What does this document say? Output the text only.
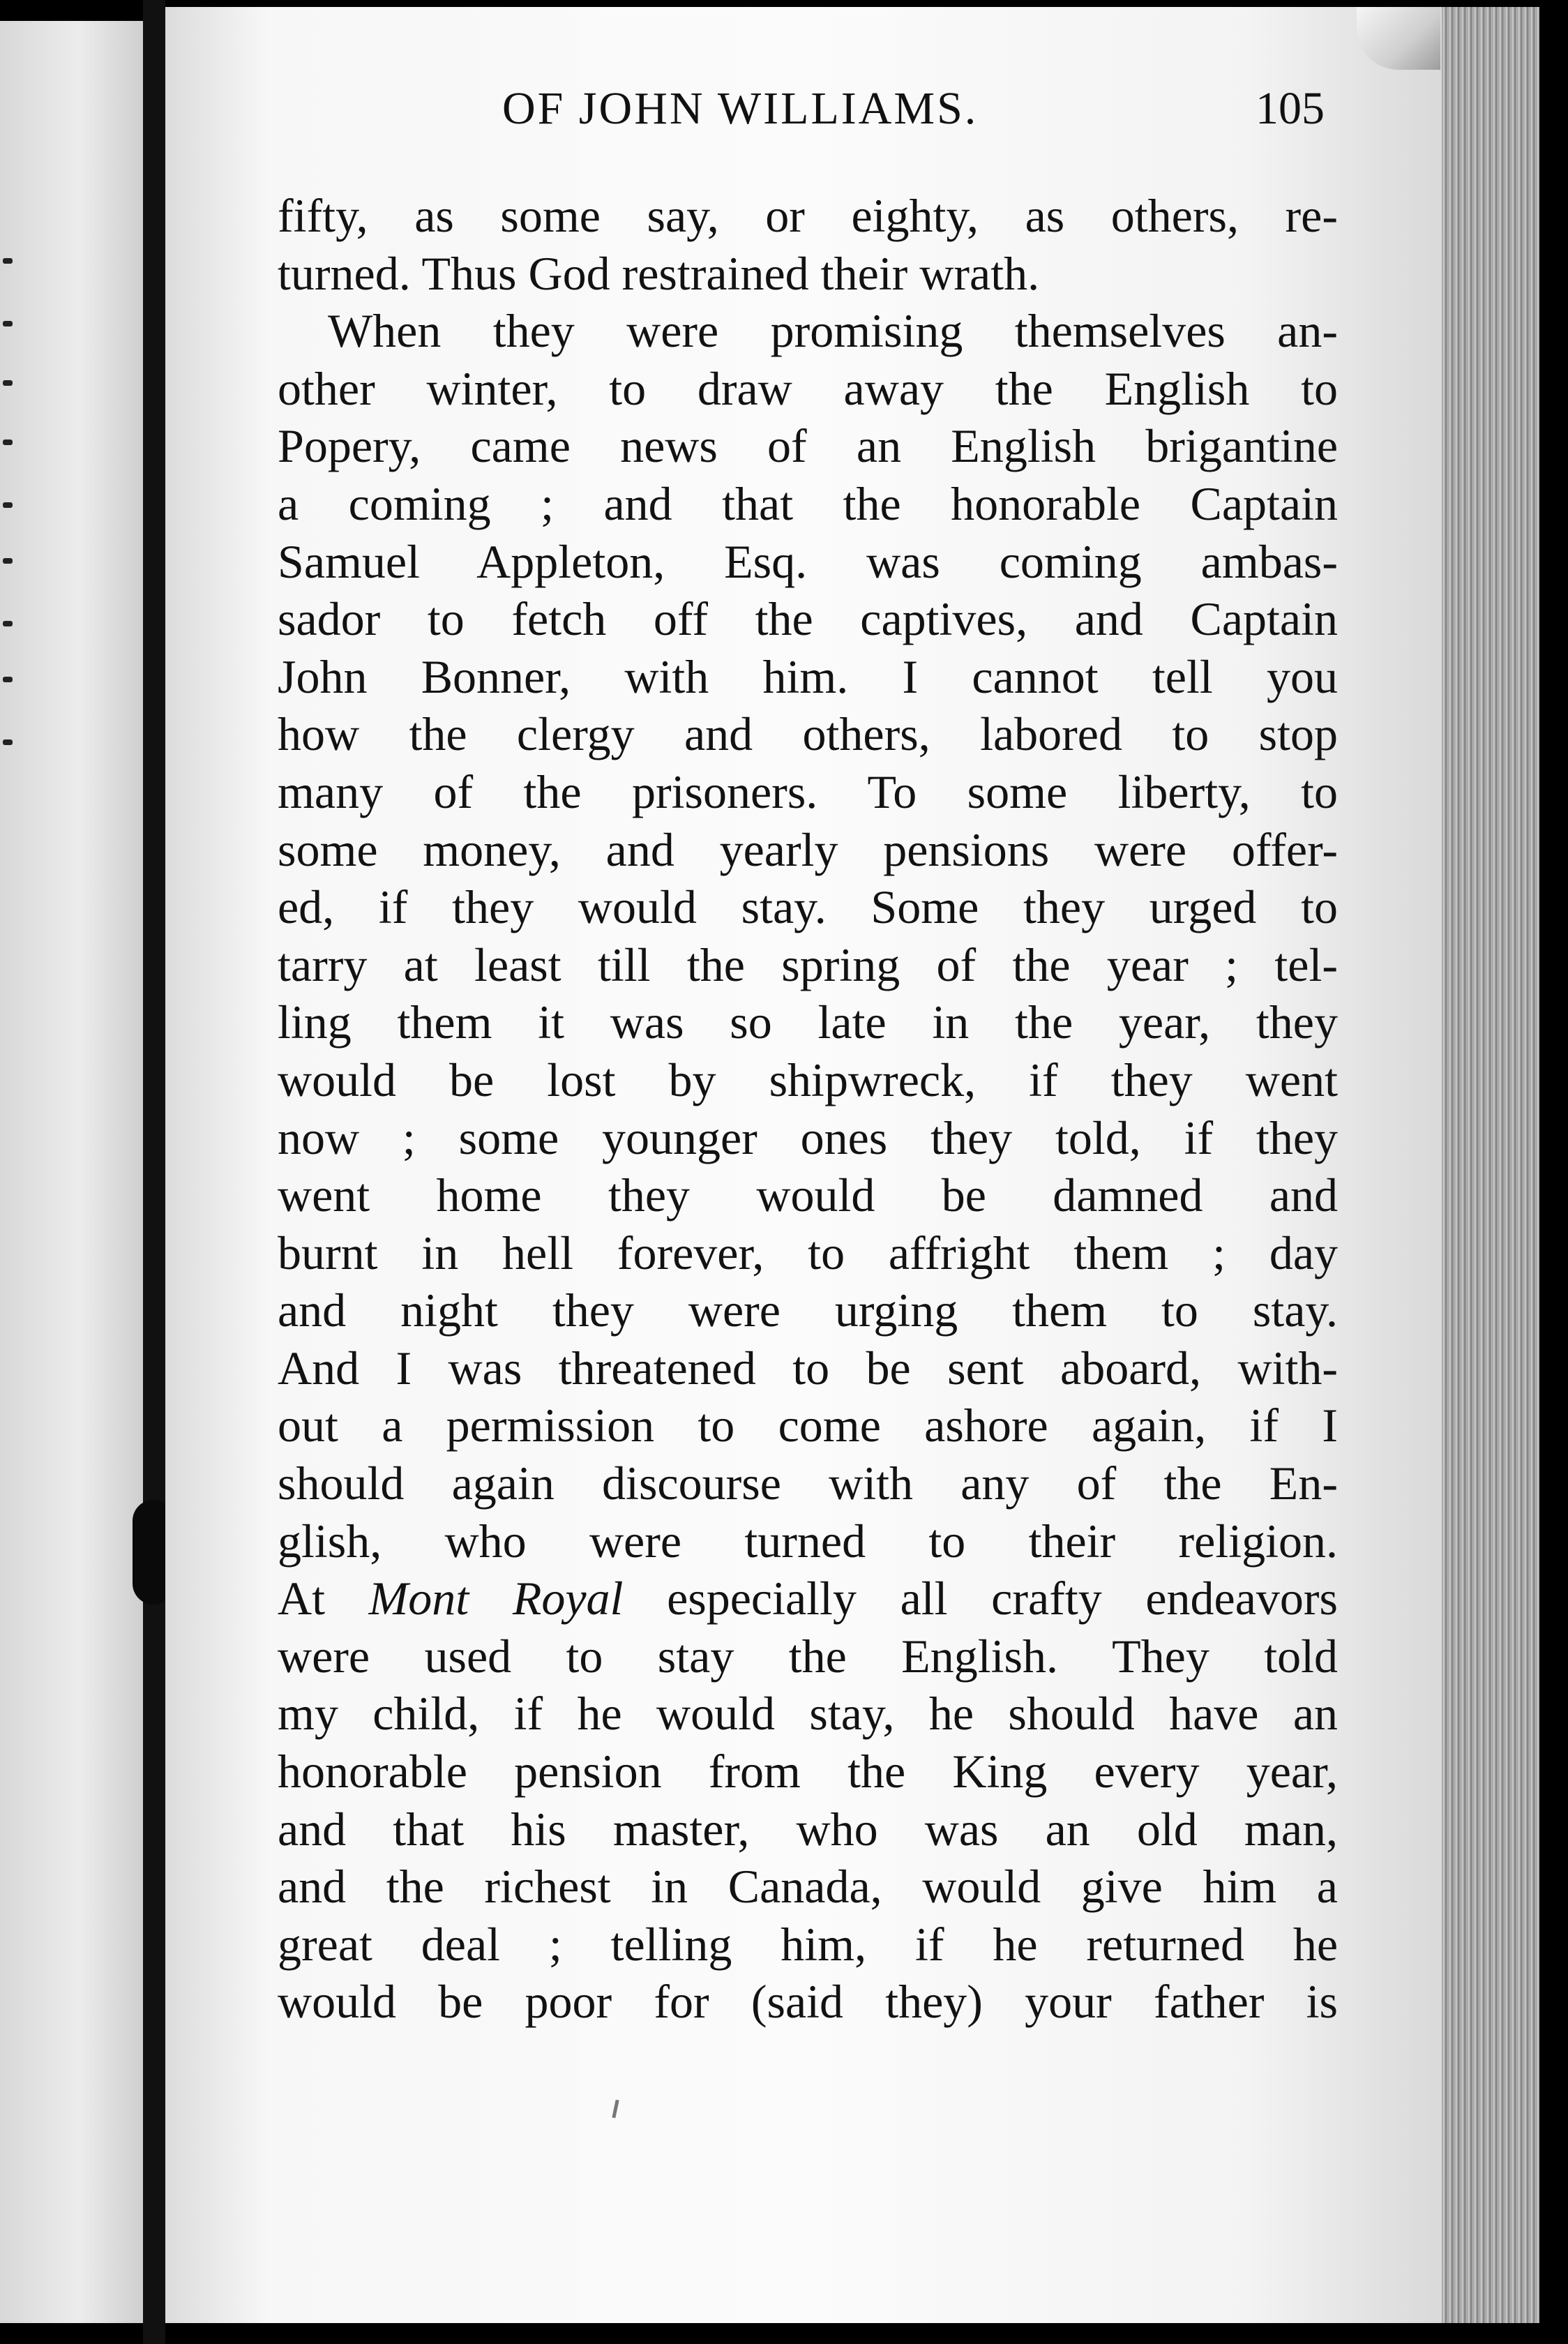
OF JOHN WILLIAMS.	105
fifty, as some say, or eighty, as others, re-
turned. Thus God restrained their wrath.
When they were promising themselves an-
other winter, to draw away the English to
Popery, came news of an English brigantine
a coming ; and that the honorable Captain
Samuel Appleton, Esq. was coming ambas-
sador to fetch off the captives, and Captain
John Bonner, with him. I cannot tell you
how the clergy and others, labored to stop
many of the prisoners. To some liberty, to
some money, and yearly pensions were offer-
ed, if they would stay. Some they urged to
tarry at least till the spring of the year ; tel-
ling them it was so late in the year, they
would be lost by shipwreck, if they went
now ; some younger ones they told, if they
went home they would be damned and
burnt in hell forever, to affright them ; day
and night they were urging them to stay.
And I was threatened to be sent aboard, with-
out a permission to come ashore again, if I
should again discourse with any of the En-
glish, who were turned to their religion.
At Mont Royal especially all crafty endeavors
were used to stay the English. They told
my child, if he would stay, he should have an
honorable pension from the King every year,
and that his master, who was an old man,
and the richest in Canada, would give him a
great deal ; telling him, if he returned he
would be poor for (said they) your father is
